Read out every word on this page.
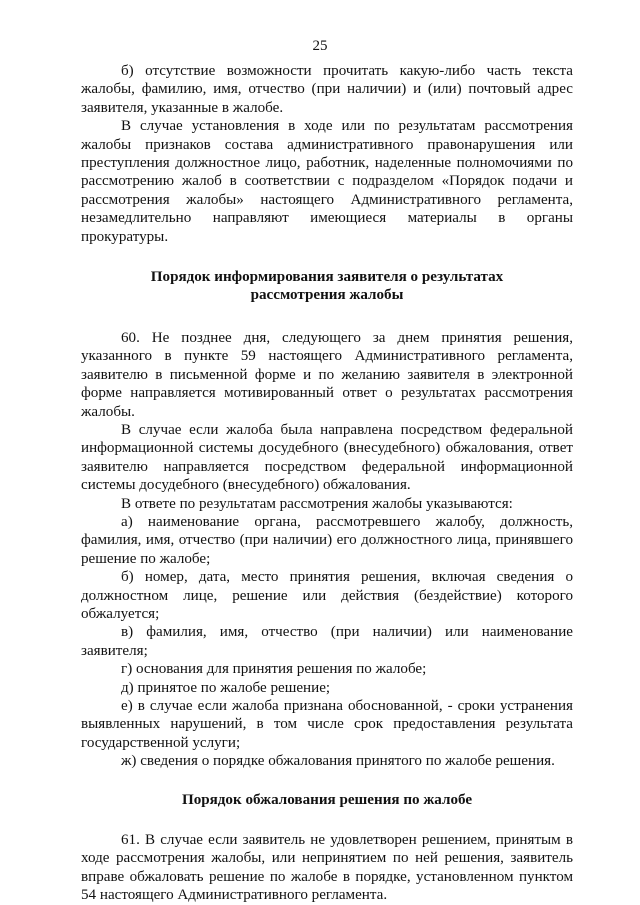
25

б) отсутствие возможности прочитать какую-либо часть текста жалобы, фамилию, имя, отчество (при наличии) и (или) почтовый адрес заявителя, указанные в жалобе.

В случае установления в ходе или по результатам рассмотрения жалобы признаков состава административного правонарушения или преступления должностное лицо, работник, наделенные полномочиями по рассмотрению жалоб в соответствии с подразделом «Порядок подачи и рассмотрения жалобы» настоящего Административного регламента, незамедлительно направляют имеющиеся материалы в органы прокуратуры.

Порядок информирования заявителя о результатах рассмотрения жалобы

60. Не позднее дня, следующего за днем принятия решения, указанного в пункте 59 настоящего Административного регламента, заявителю в письменной форме и по желанию заявителя в электронной форме направляется мотивированный ответ о результатах рассмотрения жалобы.

В случае если жалоба была направлена посредством федеральной информационной системы досудебного (внесудебного) обжалования, ответ заявителю направляется посредством федеральной информационной системы досудебного (внесудебного) обжалования.

В ответе по результатам рассмотрения жалобы указываются:

а) наименование органа, рассмотревшего жалобу, должность, фамилия, имя, отчество (при наличии) его должностного лица, принявшего решение по жалобе;

б) номер, дата, место принятия решения, включая сведения о должностном лице, решение или действия (бездействие) которого обжалуется;

в) фамилия, имя, отчество (при наличии) или наименование заявителя;

г) основания для принятия решения по жалобе;

д) принятое по жалобе решение;

е) в случае если жалоба признана обоснованной, - сроки устранения выявленных нарушений, в том числе срок предоставления результата государственной услуги;

ж) сведения о порядке обжалования принятого по жалобе решения.

Порядок обжалования решения по жалобе

61. В случае если заявитель не удовлетворен решением, принятым в ходе рассмотрения жалобы, или непринятием по ней решения, заявитель вправе обжаловать решение по жалобе в порядке, установленном пунктом 54 настоящего Административного регламента.
